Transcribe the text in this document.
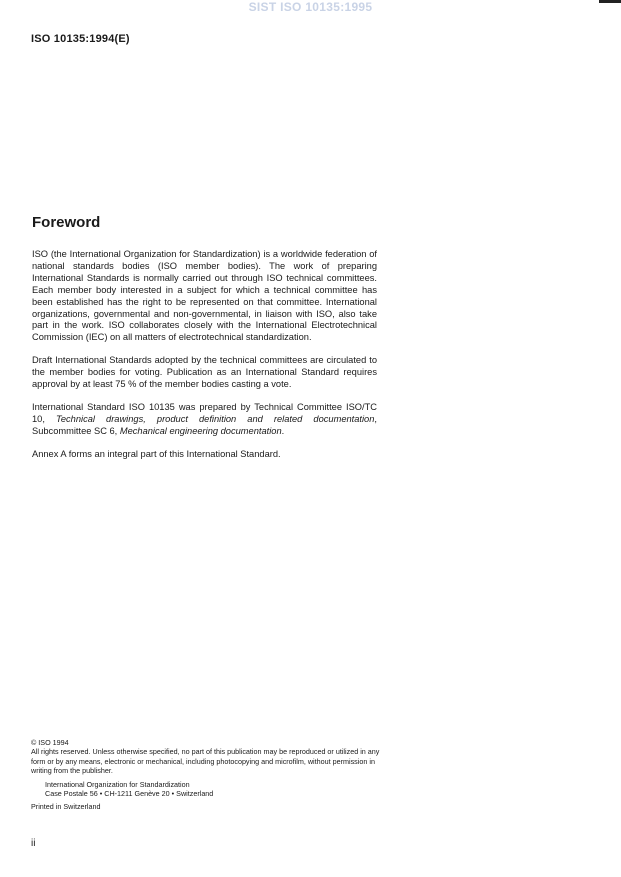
SIST ISO 10135:1995
ISO 10135:1994(E)
Foreword

ISO (the International Organization for Standardization) is a worldwide federation of national standards bodies (ISO member bodies). The work of preparing International Standards is normally carried out through ISO technical committees. Each member body interested in a subject for which a technical committee has been established has the right to be represented on that committee. International organizations, governmental and non-governmental, in liaison with ISO, also take part in the work. ISO collaborates closely with the International Electrotechnical Commission (IEC) on all matters of electrotechnical standardization.

Draft International Standards adopted by the technical committees are circulated to the member bodies for voting. Publication as an International Standard requires approval by at least 75 % of the member bodies casting a vote.

International Standard ISO 10135 was prepared by Technical Committee ISO/TC 10, Technical drawings, product definition and related documentation, Subcommittee SC 6, Mechanical engineering documentation.

Annex A forms an integral part of this International Standard.

© ISO 1994
All rights reserved. Unless otherwise specified, no part of this publication may be reproduced or utilized in any form or by any means, electronic or mechanical, including photocopying and microfilm, without permission in writing from the publisher.
International Organization for Standardization
Case Postale 56 • CH-1211 Genève 20 • Switzerland
Printed in Switzerland
ii
